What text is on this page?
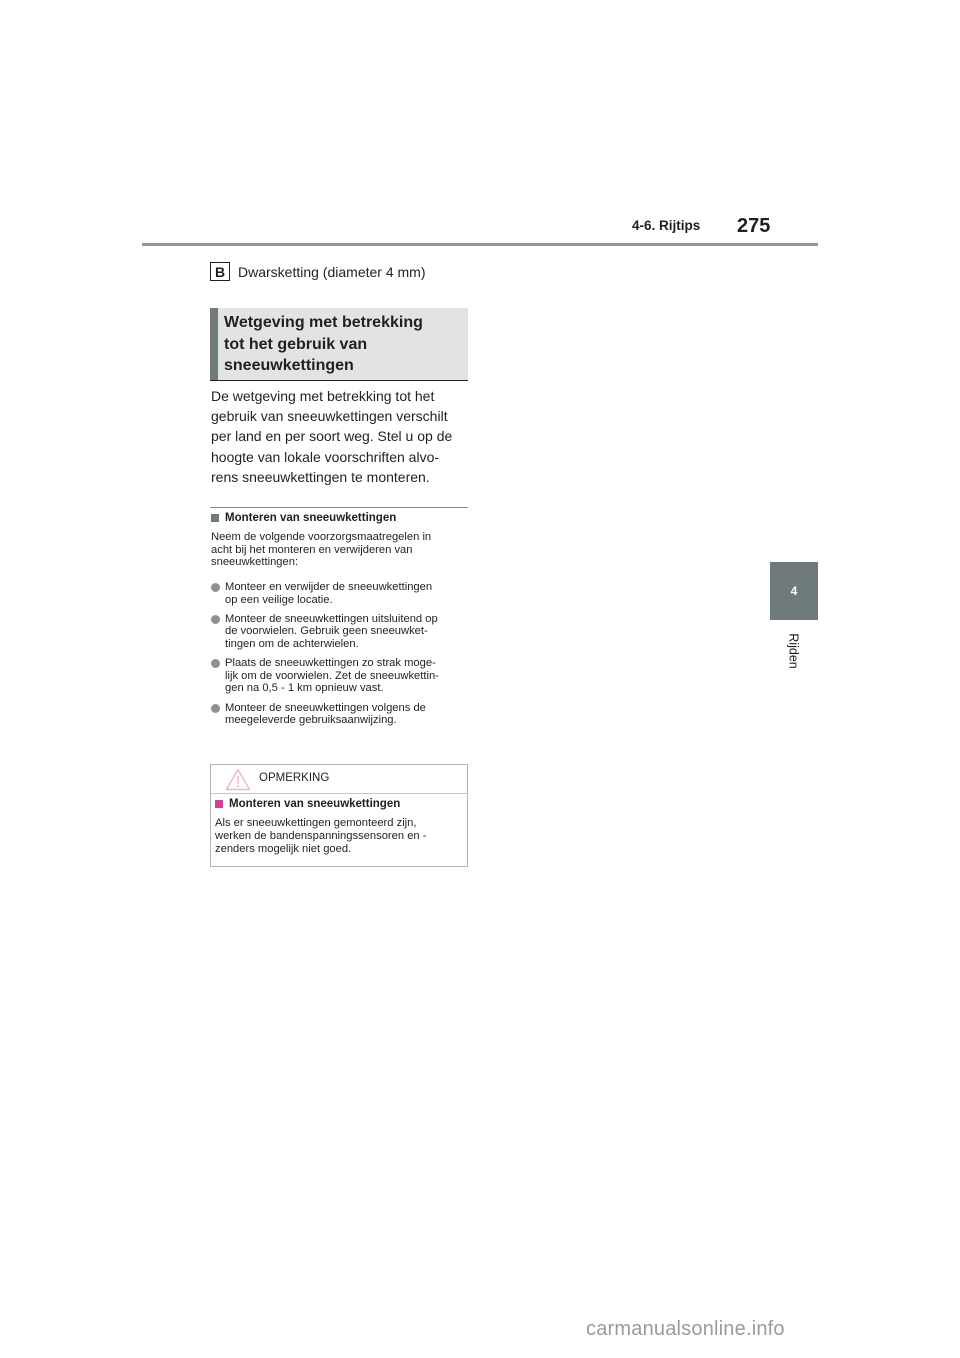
4-6. Rijtips 275
4
Rijden
B Dwarsketting (diameter 4 mm)
Wetgeving met betrekking
tot het gebruik van
sneeuwkettingen
De wetgeving met betrekking tot het
gebruik van sneeuwkettingen verschilt
per land en per soort weg. Stel u op de
hoogte van lokale voorschriften alvo-
rens sneeuwkettingen te monteren.
Monteren van sneeuwkettingen
Neem de volgende voorzorgsmaatregelen in
acht bij het monteren en verwijderen van
sneeuwkettingen:
Monteer en verwijder de sneeuwkettingen
op een veilige locatie.
Monteer de sneeuwkettingen uitsluitend op
de voorwielen. Gebruik geen sneeuwket-
tingen om de achterwielen.
Plaats de sneeuwkettingen zo strak moge-
lijk om de voorwielen. Zet de sneeuwkettin-
gen na 0,5 - 1 km opnieuw vast.
Monteer de sneeuwkettingen volgens de
meegeleverde gebruiksaanwijzing.
OPMERKING
Monteren van sneeuwkettingen
Als er sneeuwkettingen gemonteerd zijn,
werken de bandenspanningssensoren en -
zenders mogelijk niet goed.
carmanualsonline.info
